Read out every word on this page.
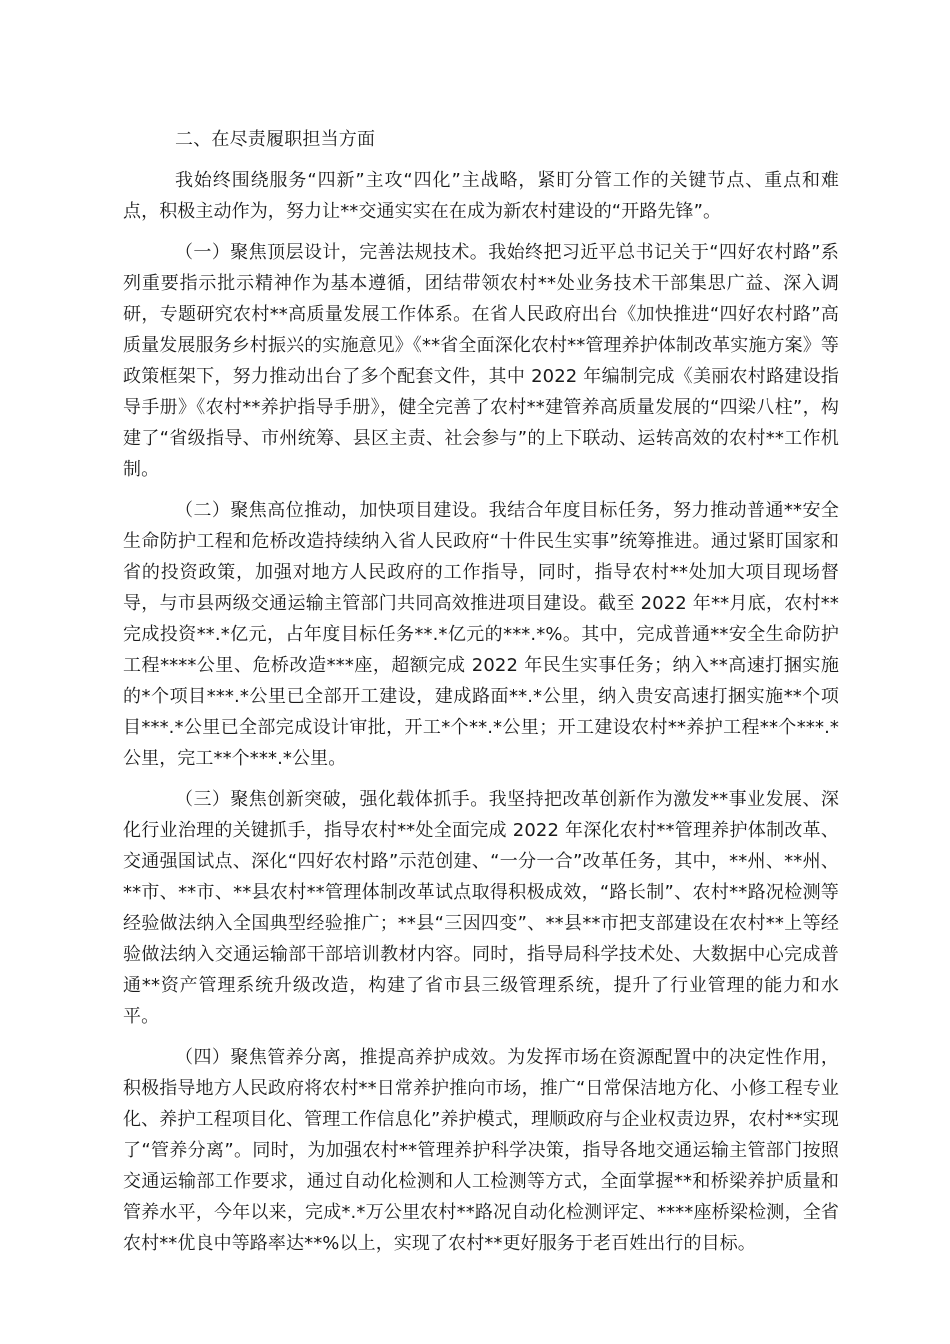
二、在尽责履职担当方面

我始终围绕服务“四新”主攻“四化”主战略，紧盯分管工作的关键节点、重点和难点，积极主动作为，努力让**交通实实在在成为新农村建设的“开路先锋”。

（一）聚焦顶层设计，完善法规技术。我始终把习近平总书记关于“四好农村路”系列重要指示批示精神作为基本遵循，团结带领农村**处业务技术干部集思广益、深入调研，专题研究农村**高质量发展工作体系。在省人民政府出台《加快推进“四好农村路”高质量发展服务乡村振兴的实施意见》《**省全面深化农村**管理养护体制改革实施方案》等政策框架下，努力推动出台了多个配套文件，其中 2022 年编制完成《美丽农村路建设指导手册》《农村**养护指导手册》，健全完善了农村**建管养高质量发展的“四梁八柱”，构建了“省级指导、市州统筹、县区主责、社会参与”的上下联动、运转高效的农村**工作机制。

（二）聚焦高位推动，加快项目建设。我结合年度目标任务，努力推动普通**安全生命防护工程和危桥改造持续纳入省人民政府“十件民生实事”统筹推进。通过紧盯国家和省的投资政策，加强对地方人民政府的工作指导，同时，指导农村**处加大项目现场督导，与市县两级交通运输主管部门共同高效推进项目建设。截至 2022 年**月底，农村**完成投资**.*亿元，占年度目标任务**.*亿元的***.*%。其中，完成普通**安全生命防护工程****公里、危桥改造***座，超额完成 2022 年民生实事任务；纳入**高速打捆实施的*个项目***.*公里已全部开工建设，建成路面**.*公里，纳入贵安高速打捆实施**个项目***.*公里已全部完成设计审批，开工*个**.*公里；开工建设农村**养护工程**个***.*公里，完工**个***.*公里。

（三）聚焦创新突破，强化载体抓手。我坚持把改革创新作为激发**事业发展、深化行业治理的关键抓手，指导农村**处全面完成 2022 年深化农村**管理养护体制改革、交通强国试点、深化“四好农村路”示范创建、“一分一合”改革任务，其中，**州、**州、**市、**市、**县农村**管理体制改革试点取得积极成效，“路长制”、农村**路况检测等经验做法纳入全国典型经验推广；**县“三因四变”、**县**市把支部建设在农村**上等经验做法纳入交通运输部干部培训教材内容。同时，指导局科学技术处、大数据中心完成普通**资产管理系统升级改造，构建了省市县三级管理系统，提升了行业管理的能力和水平。

（四）聚焦管养分离，推提高养护成效。为发挥市场在资源配置中的决定性作用，积极指导地方人民政府将农村**日常养护推向市场，推广“日常保洁地方化、小修工程专业化、养护工程项目化、管理工作信息化”养护模式，理顺政府与企业权责边界，农村**实现了“管养分离”。同时，为加强农村**管理养护科学决策，指导各地交通运输主管部门按照交通运输部工作要求，通过自动化检测和人工检测等方式，全面掌握**和桥梁养护质量和管养水平，今年以来，完成*.*万公里农村**路况自动化检测评定、****座桥梁检测，全省农村**优良中等路率达**%以上，实现了农村**更好服务于老百姓出行的目标。
